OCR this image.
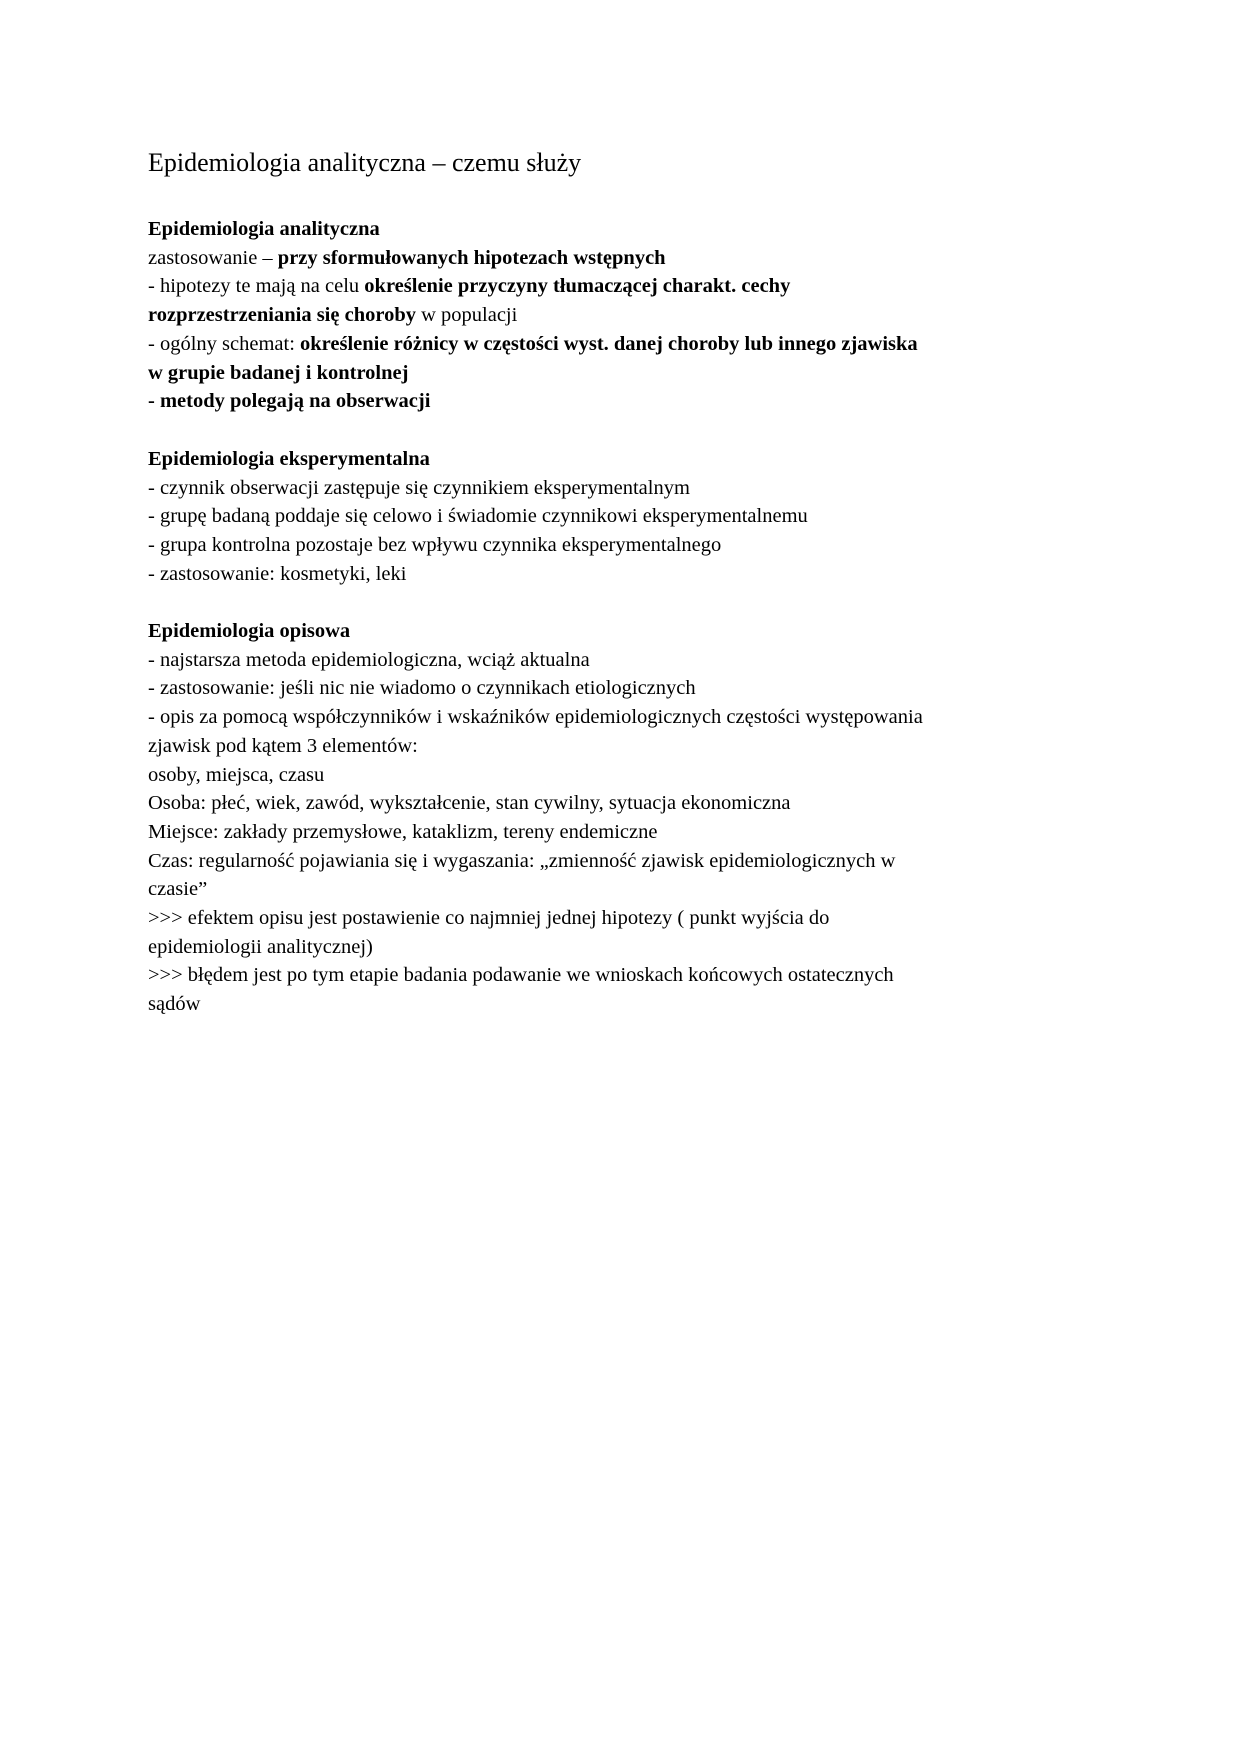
Epidemiologia analityczna – czemu służy
Epidemiologia analityczna
zastosowanie – przy sformułowanych hipotezach wstępnych
- hipotezy te mają na celu określenie przyczyny tłumaczącej charakt. cechy
rozprzestrzeniania się choroby w populacji
- ogólny schemat: określenie różnicy w częstości wyst. danej choroby lub innego zjawiska
w grupie badanej i kontrolnej
- metody polegają na obserwacji
Epidemiologia eksperymentalna
- czynnik obserwacji zastępuje się czynnikiem eksperymentalnym
- grupę badaną poddaje się celowo i świadomie czynnikowi eksperymentalnemu
- grupa kontrolna pozostaje bez wpływu czynnika eksperymentalnego
- zastosowanie: kosmetyki, leki
Epidemiologia opisowa
- najstarsza metoda epidemiologiczna, wciąż aktualna
- zastosowanie: jeśli nic nie wiadomo o czynnikach etiologicznych
- opis za pomocą współczynników i wskaźników epidemiologicznych częstości występowania
zjawisk pod kątem 3 elementów:
osoby, miejsca, czasu
Osoba: płeć, wiek, zawód, wykształcenie, stan cywilny, sytuacja ekonomiczna
Miejsce: zakłady przemysłowe, kataklizm, tereny endemiczne
Czas: regularność pojawiania się i wygaszania: „zmienność zjawisk epidemiologicznych w
czasie”
>>> efektem opisu jest postawienie co najmniej jednej hipotezy ( punkt wyjścia do
epidemiologii analitycznej)
>>> błędem jest po tym etapie badania podawanie we wnioskach końcowych ostatecznych
sądów
